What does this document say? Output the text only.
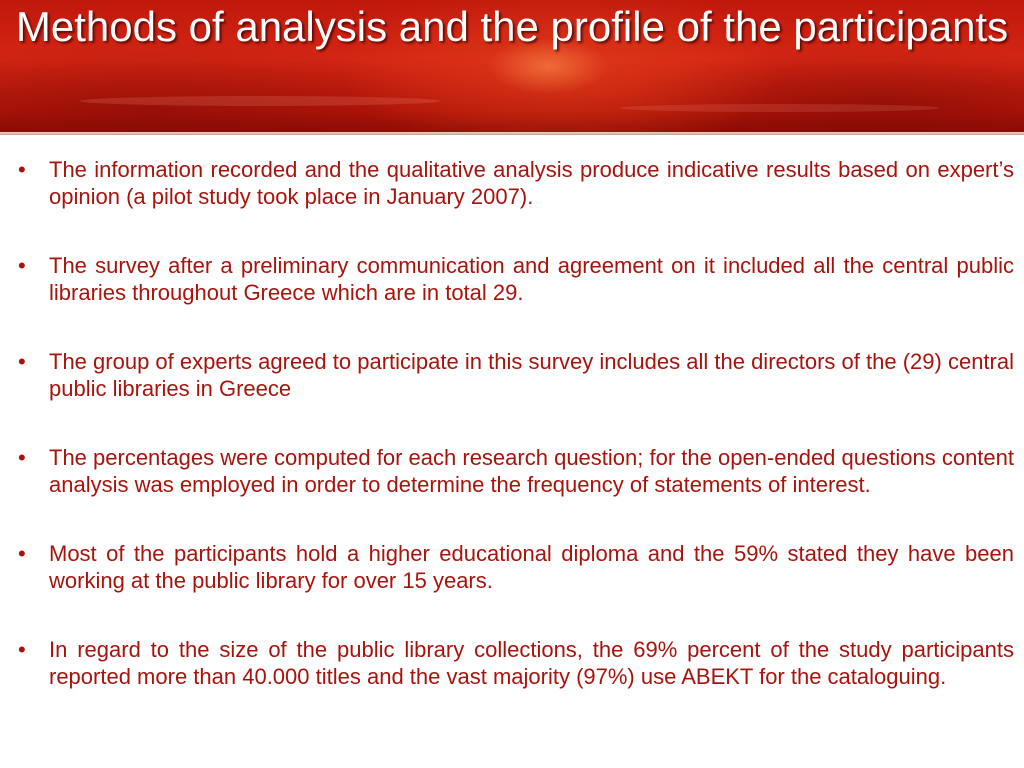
Methods of analysis and the profile of the participants
•	The information recorded and the qualitative analysis produce indicative results based on expert’s opinion (a pilot study took place in January 2007).
•	The survey after a preliminary communication and agreement on it included all the central public libraries throughout Greece which are in total 29.
•	The group of experts agreed to participate in this survey includes all the directors of the (29) central public libraries in Greece
•	The percentages were computed for each research question; for the open-ended questions content analysis was employed in order to determine the frequency of statements of interest.
•	Most of the participants hold a higher educational diploma and the 59% stated they have been working at the public library for over 15 years.
•	In regard to the size of the public library collections, the 69% percent of the study participants reported more than 40.000 titles and the vast majority (97%) use ABEKT for the cataloguing.
